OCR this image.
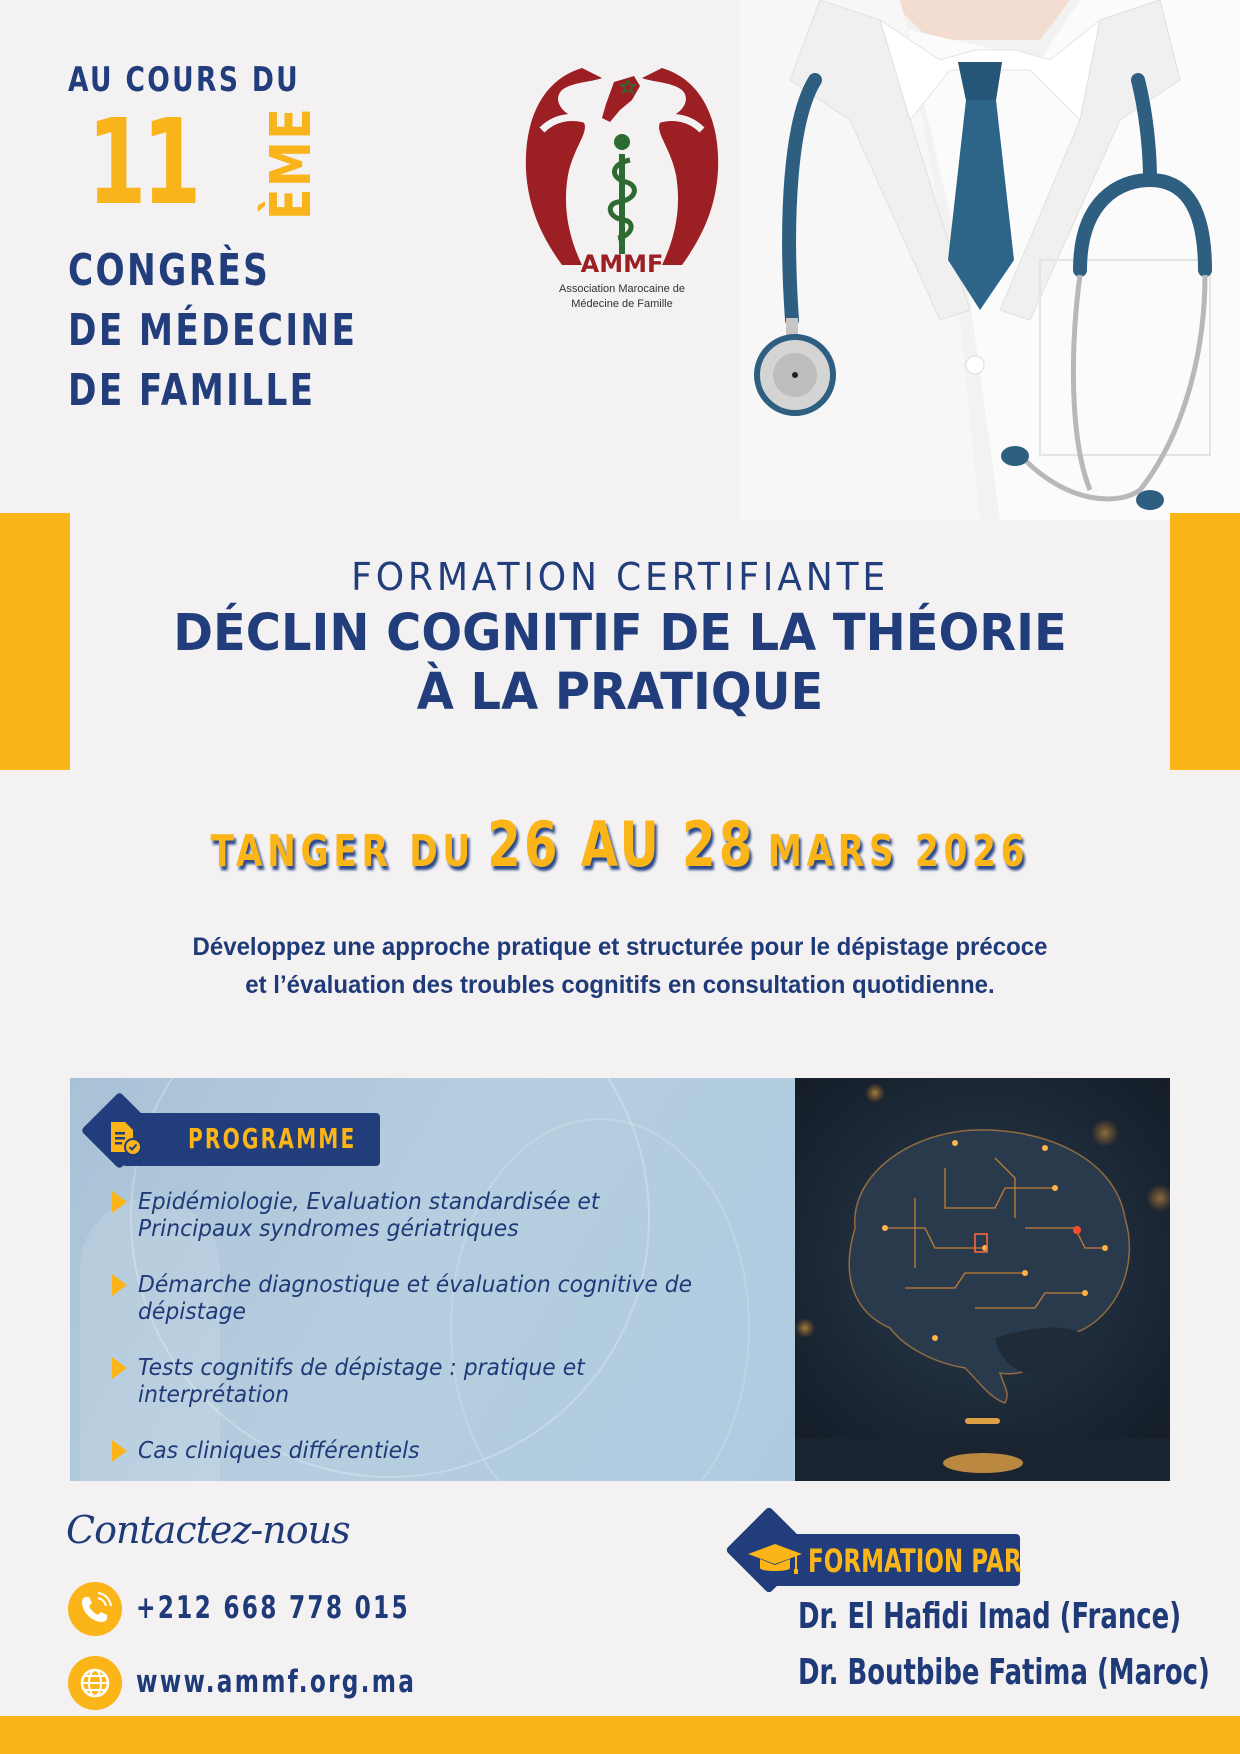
AU COURS DU
11 ÈME
CONGRÈS
DE MÉDECINE
DE FAMILLE
AMMF
Association Marocaine de
Médecine de Famille
FORMATION CERTIFIANTE
DÉCLIN COGNITIF DE LA THÉORIE
À LA PRATIQUE
TANGER DU 26 AU 28 MARS 2026
Développez une approche pratique et structurée pour le dépistage précoce
et l’évaluation des troubles cognitifs en consultation quotidienne.
PROGRAMME
Epidémiologie, Evaluation standardisée et
Principaux syndromes gériatriques
Démarche diagnostique et évaluation cognitive de
dépistage
Tests cognitifs de dépistage : pratique et
interprétation
Cas cliniques différentiels
Contactez-nous
+212 668 778 015
www.ammf.org.ma
FORMATION PAR
Dr. El Hafidi Imad (France)
Dr. Boutbibe Fatima (Maroc)
